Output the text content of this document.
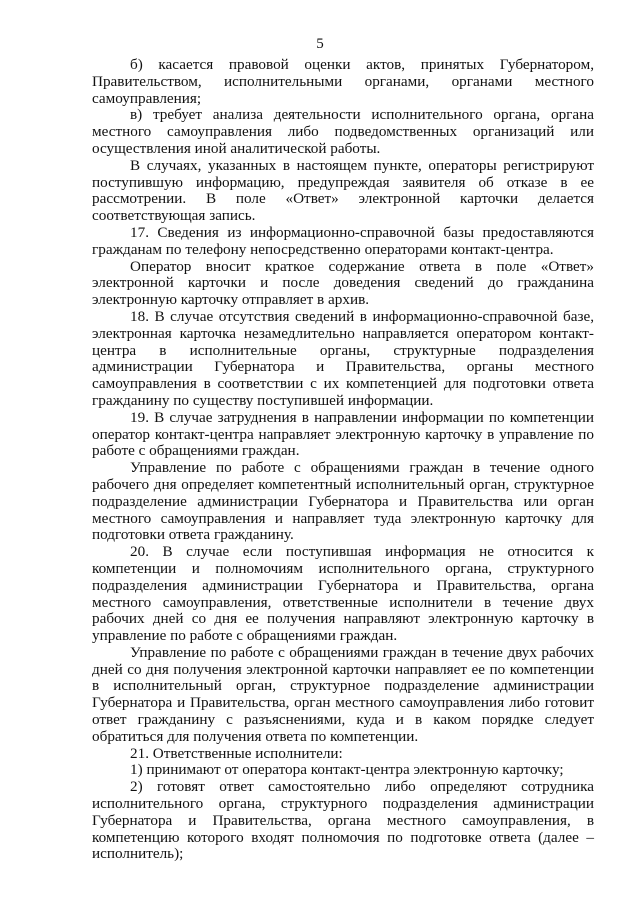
5

б) касается правовой оценки актов, принятых Губернатором, Правительством, исполнительными органами, органами местного самоуправления;

в) требует анализа деятельности исполнительного органа, органа местного самоуправления либо подведомственных организаций или осуществления иной аналитической работы.

В случаях, указанных в настоящем пункте, операторы регистрируют поступившую информацию, предупреждая заявителя об отказе в ее рассмотрении. В поле «Ответ» электронной карточки делается соответствующая запись.

17. Сведения из информационно-справочной базы предоставляются гражданам по телефону непосредственно операторами контакт-центра.

Оператор вносит краткое содержание ответа в поле «Ответ» электронной карточки и после доведения сведений до гражданина электронную карточку отправляет в архив.

18. В случае отсутствия сведений в информационно-справочной базе, электронная карточка незамедлительно направляется оператором контакт-центра в исполнительные органы, структурные подразделения администрации Губернатора и Правительства, органы местного самоуправления в соответствии с их компетенцией для подготовки ответа гражданину по существу поступившей информации.

19. В случае затруднения в направлении информации по компетенции оператор контакт-центра направляет электронную карточку в управление по работе с обращениями граждан.

Управление по работе с обращениями граждан в течение одного рабочего дня определяет компетентный исполнительный орган, структурное подразделение администрации Губернатора и Правительства или орган местного самоуправления и направляет туда электронную карточку для подготовки ответа гражданину.

20. В случае если поступившая информация не относится к компетенции и полномочиям исполнительного органа, структурного подразделения администрации Губернатора и Правительства, органа местного самоуправления, ответственные исполнители в течение двух рабочих дней со дня ее получения направляют электронную карточку в управление по работе с обращениями граждан.

Управление по работе с обращениями граждан в течение двух рабочих дней со дня получения электронной карточки направляет ее по компетенции в исполнительный орган, структурное подразделение администрации Губернатора и Правительства, орган местного самоуправления либо готовит ответ гражданину с разъяснениями, куда и в каком порядке следует обратиться для получения ответа по компетенции.

21. Ответственные исполнители:

1) принимают от оператора контакт-центра электронную карточку;

2) готовят ответ самостоятельно либо определяют сотрудника исполнительного органа, структурного подразделения администрации Губернатора и Правительства, органа местного самоуправления, в компетенцию которого входят полномочия по подготовке ответа (далее – исполнитель);
